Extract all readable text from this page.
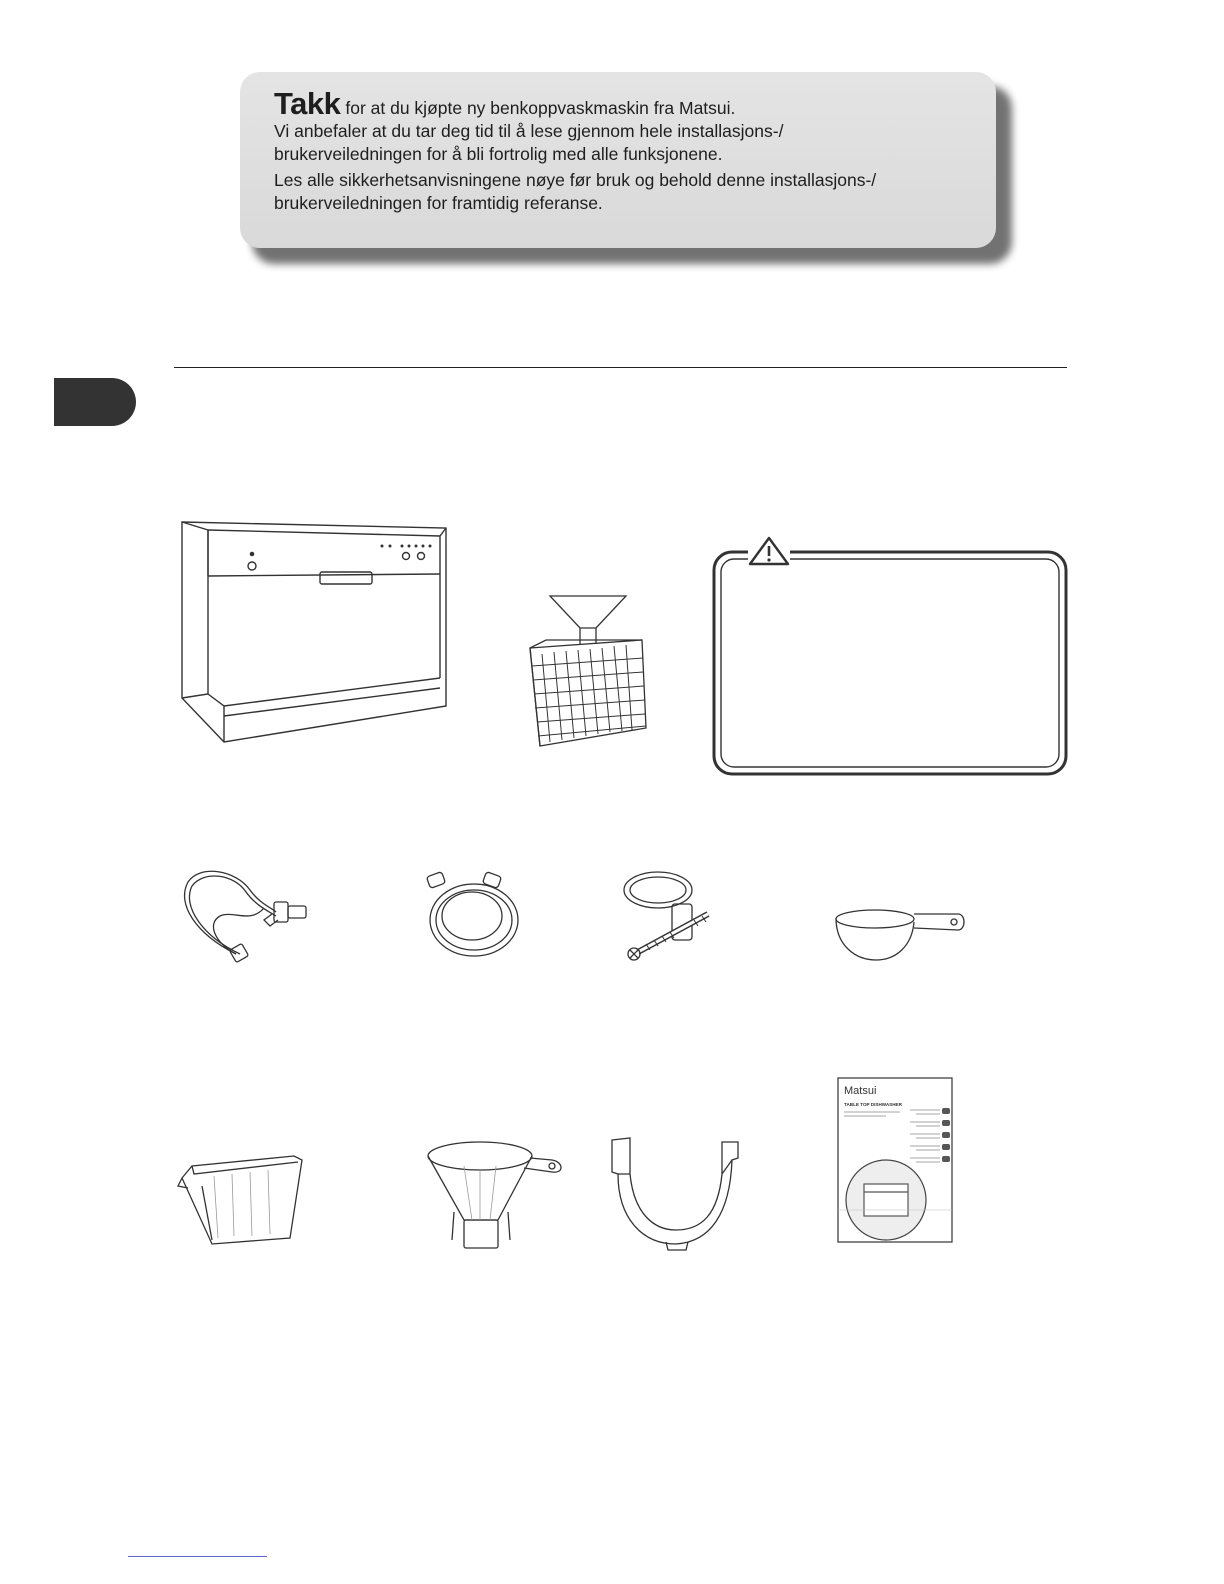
Takk for at du kjøpte ny benkoppvaskmaskin fra Matsui.
Vi anbefaler at du tar deg tid til å lese gjennom hele installasjons-/
brukerveiledningen for å bli fortrolig med alle funksjonene.
Les alle sikkerhetsanvisningene nøye før bruk og behold denne installasjons-/
brukerveiledningen for framtidig referanse.
Matsui
TABLE TOP DISHWASHER
